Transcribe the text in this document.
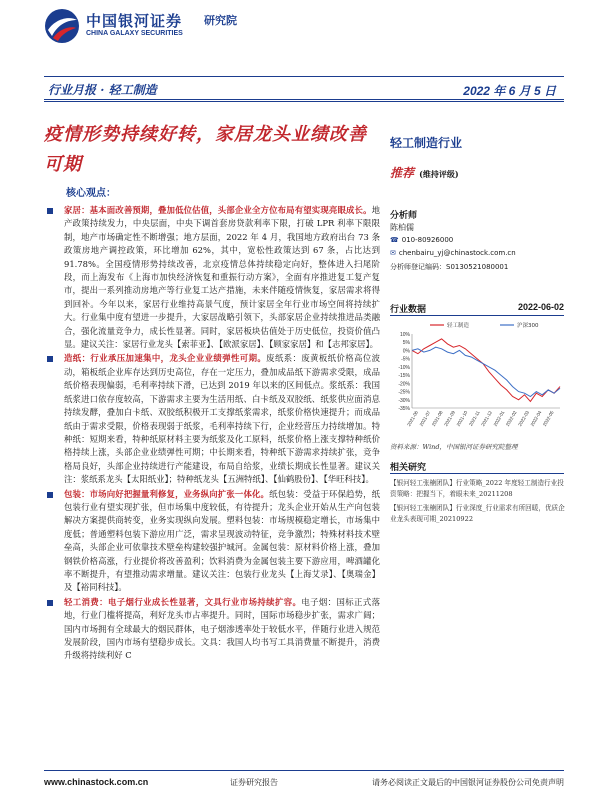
中国银河证券
CHINA GALAXY SECURITIES
研究院
行业月报 · 轻工制造	2022 年 6 月 5 日
疫情形势持续好转，家居龙头业绩改善可期
核心观点：
家居：基本面改善预期，叠加低位估值，头部企业全方位布局有望实现亮眼成长。地产政策持续发力，中央层面，中央下调首套房贷款利率下限，打破 LPR 利率下限限制，地产市场确定性不断增强；地方层面，2022 年 4 月，我国地方政府出台 73 条政策房地产调控政策，环比增加 62%，其中，宽松性政策达到 67 条，占比达到 91.78%。全国疫情形势持续改善，北京疫情总体持续稳定向好，整体进入扫尾阶段，而上海发布《上海市加快经济恢复和重振行动方案》，全面有序推进复工复产复市，提出一系列推动房地产等行业复工达产措施，未来伴随疫情恢复，家居需求将得到回补。今年以来，家居行业维持高景气度，预计家居全年行业市场空间将持续扩大。行业集中度有望进一步提升，大家居战略引领下，头部家居企业持续推进品类融合，强化流量竞争力，成长性显著。同时，家居板块估值处于历史低位，投资价值凸显。建议关注：家居行业龙头【索菲亚】、【欧派家居】、【顾家家居】和【志邦家居】。
造纸：行业承压加速集中，龙头企业业绩弹性可期。废纸系：废黄板纸价格高位波动，箱板纸企业库存达到历史高位，存在一定压力，叠加成品纸下游需求受限，成品纸价格表现偏弱，毛利率持续下滑，已达到 2019 年以来的区间低点。浆纸系：我国纸浆进口依存度较高，下游需求主要为生活用纸、白卡纸及双胶纸、纸浆供应面消息持续发酵，叠加白卡纸、双胶纸积极开工支撑纸浆需求，纸浆价格快速提升；而成品纸由于需求受限，价格表现弱于纸浆，毛利率持续下行，企业经营压力持续增加。特种纸：短期来看，特种纸原材料主要为纸浆及化工原料，纸浆价格上涨支撑特种纸价格持续上涨，头部企业业绩弹性可期；中长期来看，特种纸下游需求持续扩张，竞争格局良好，头部企业持续进行产能建设，布局自给浆，业绩长期成长性显著。建议关注：浆纸系龙头【太阳纸业】；特种纸龙头【五洲特纸】、【仙鹤股份】、【华旺科技】。
包装：市场向好把握量利修复，业务纵向扩张一体化。纸包装：受益于环保趋势，纸包装行业有望实现扩张，但市场集中度较低，有待提升；龙头企业开始从生产向包装解决方案提供商转变，业务实现纵向发展。塑料包装：市场规模稳定增长，市场集中度低；普通塑料包装下游应用广泛，需求呈现波动特征，竞争激烈；特殊材料技术壁垒高，头部企业可依靠技术壁垒构建较强护城河。金属包装：原材料价格上涨，叠加钢铁价格高涨，行业提价将改善盈利；饮料消费为金属包装主要下游应用，啤酒罐化率不断提升，有望推动需求增量。建议关注：包装行业龙头【上海艾录】、【奥瑞金】及【裕同科技】。
轻工消费：电子烟行业成长性显著，文具行业市场持续扩容。电子烟：国标正式落地，行业门槛将提高，利好龙头市占率提升。同时，国际市场稳步扩张，需求广阔；国内市场拥有全球最大的烟民群体，电子烟渗透率处于较低水平，伴随行业进入规范发展阶段，国内市场有望稳步成长。文具：我国人均书写工具消费量不断提升，消费升级将持续利好 C
轻工制造行业
推荐 (维持评级)
分析师
陈柏儒
☎ 010-80926000
✉ chenbairu_yj@chinastock.com.cn
分析师登记编码：S0130521080001
行业数据	2022-06-02
10%
5%
0%
-5%
-10%
-15%
-20%
-25%
-30%
-35%
2021-06 2021-07 2021-08 2021-09 2021-10 2021-11 2021-12 2022-01 2022-02 2022-03 2022-04 2022-05
轻工制造	沪深300
资料来源：Wind，中国银河证券研究院整理
相关研究
【银河轻工张楠团队】行业策略_2022 年度轻工制造行业投资策略：把握当下，着眼未来_20211208
【银河轻工张楠团队】行业深度_行业需求有所回暖，优质企业龙头表现可期_20210922
www.chinastock.com.cn	证券研究报告	请务必阅读正文最后的中国银河证券股份公司免责声明
